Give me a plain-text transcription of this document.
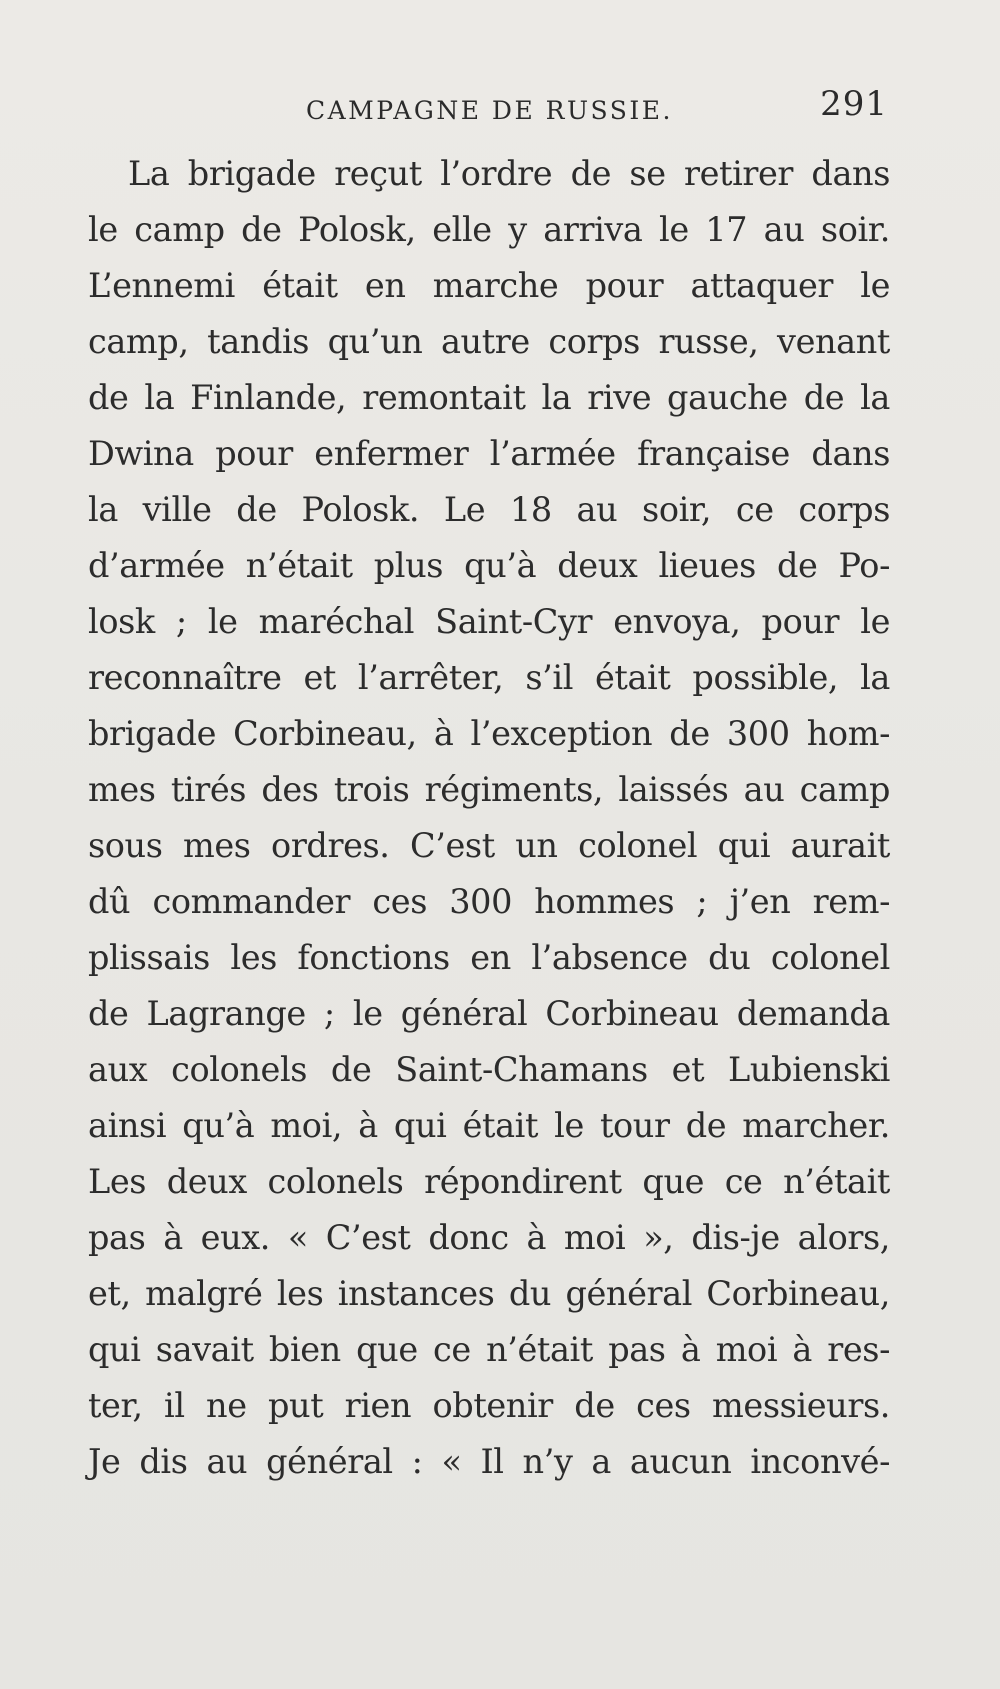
CAMPAGNE DE RUSSIE.	291
La brigade reçut l’ordre de se retirer dans
le camp de Polosk, elle y arriva le 17 au soir.
L’ennemi était en marche pour attaquer le
camp, tandis qu’un autre corps russe, venant
de la Finlande, remontait la rive gauche de la
Dwina pour enfermer l’armée française dans
la ville de Polosk. Le 18 au soir, ce corps
d’armée n’était plus qu’à deux lieues de Po-
losk ; le maréchal Saint-Cyr envoya, pour le
reconnaître et l’arrêter, s’il était possible, la
brigade Corbineau, à l’exception de 300 hom-
mes tirés des trois régiments, laissés au camp
sous mes ordres. C’est un colonel qui aurait
dû commander ces 300 hommes ; j’en rem-
plissais les fonctions en l’absence du colonel
de Lagrange ; le général Corbineau demanda
aux colonels de Saint-Chamans et Lubienski
ainsi qu’à moi, à qui était le tour de marcher.
Les deux colonels répondirent que ce n’était
pas à eux. « C’est donc à moi », dis-je alors,
et, malgré les instances du général Corbineau,
qui savait bien que ce n’était pas à moi à res-
ter, il ne put rien obtenir de ces messieurs.
Je dis au général : « Il n’y a aucun inconvé-
